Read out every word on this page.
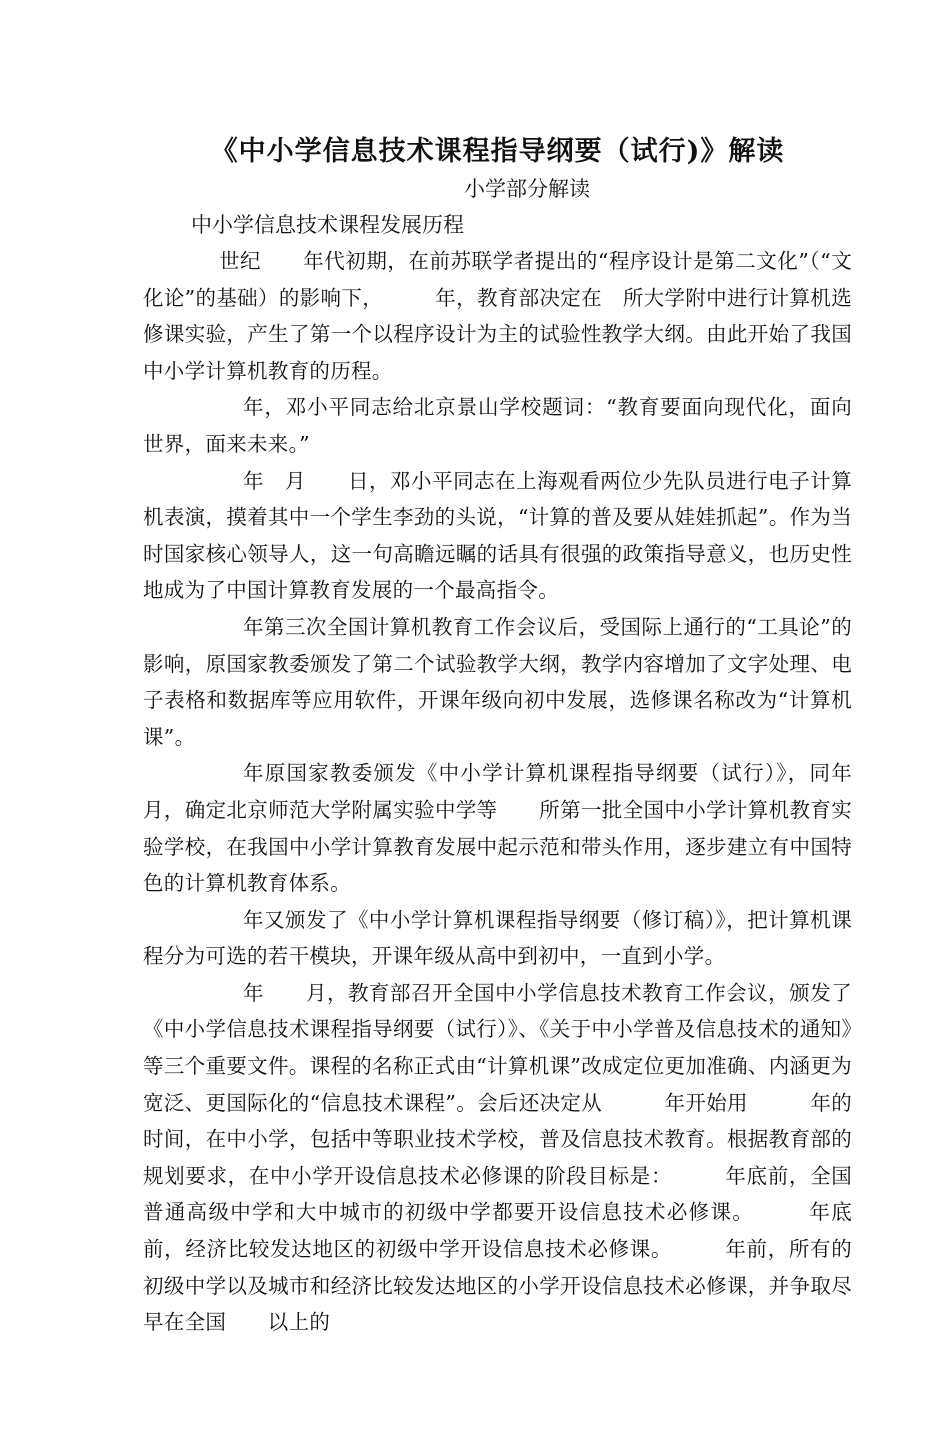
《中小学信息技术课程指导纲要（试行)》解读
小学部分解读
中小学信息技术课程发展历程

世纪　　年代初期，在前苏联学者提出的“程序设计是第二文化”（“文化论”的基础）的影响下，　　　年，教育部决定在　所大学附中进行计算机选修课实验，产生了第一个以程序设计为主的试验性教学大纲。由此开始了我国中小学计算机教育的历程。

年，邓小平同志给北京景山学校题词：“教育要面向现代化，面向世界，面来未来。”

年　月　　日，邓小平同志在上海观看两位少先队员进行电子计算机表演，摸着其中一个学生李劲的头说，“计算的普及要从娃娃抓起”。作为当时国家核心领导人，这一句高瞻远瞩的话具有很强的政策指导意义，也历史性地成为了中国计算教育发展的一个最高指令。

年第三次全国计算机教育工作会议后，受国际上通行的“工具论”的影响，原国家教委颁发了第二个试验教学大纲，教学内容增加了文字处理、电子表格和数据库等应用软件，开课年级向初中发展，选修课名称改为“计算机课”。

年原国家教委颁发《中小学计算机课程指导纲要（试行）》，同年　月，确定北京师范大学附属实验中学等　　所第一批全国中小学计算机教育实验学校，在我国中小学计算教育发展中起示范和带头作用，逐步建立有中国特色的计算机教育体系。

年又颁发了《中小学计算机课程指导纲要（修订稿）》，把计算机课程分为可选的若干模块，开课年级从高中到初中，一直到小学。

年　　月，教育部召开全国中小学信息技术教育工作会议，颁发了《中小学信息技术课程指导纲要（试行）》、《关于中小学普及信息技术的通知》等三个重要文件。课程的名称正式由“计算机课”改成定位更加准确、内涵更为宽泛、更国际化的“信息技术课程”。会后还决定从　　　年开始用　　　年的时间，在中小学，包括中等职业技术学校，普及信息技术教育。根据教育部的规划要求，在中小学开设信息技术必修课的阶段目标是：　　　年底前，全国普通高级中学和大中城市的初级中学都要开设信息技术必修课。　　　年底前，经济比较发达地区的初级中学开设信息技术必修课。　　　年前，所有的初级中学以及城市和经济比较发达地区的小学开设信息技术必修课，并争取尽早在全国　　以上的
